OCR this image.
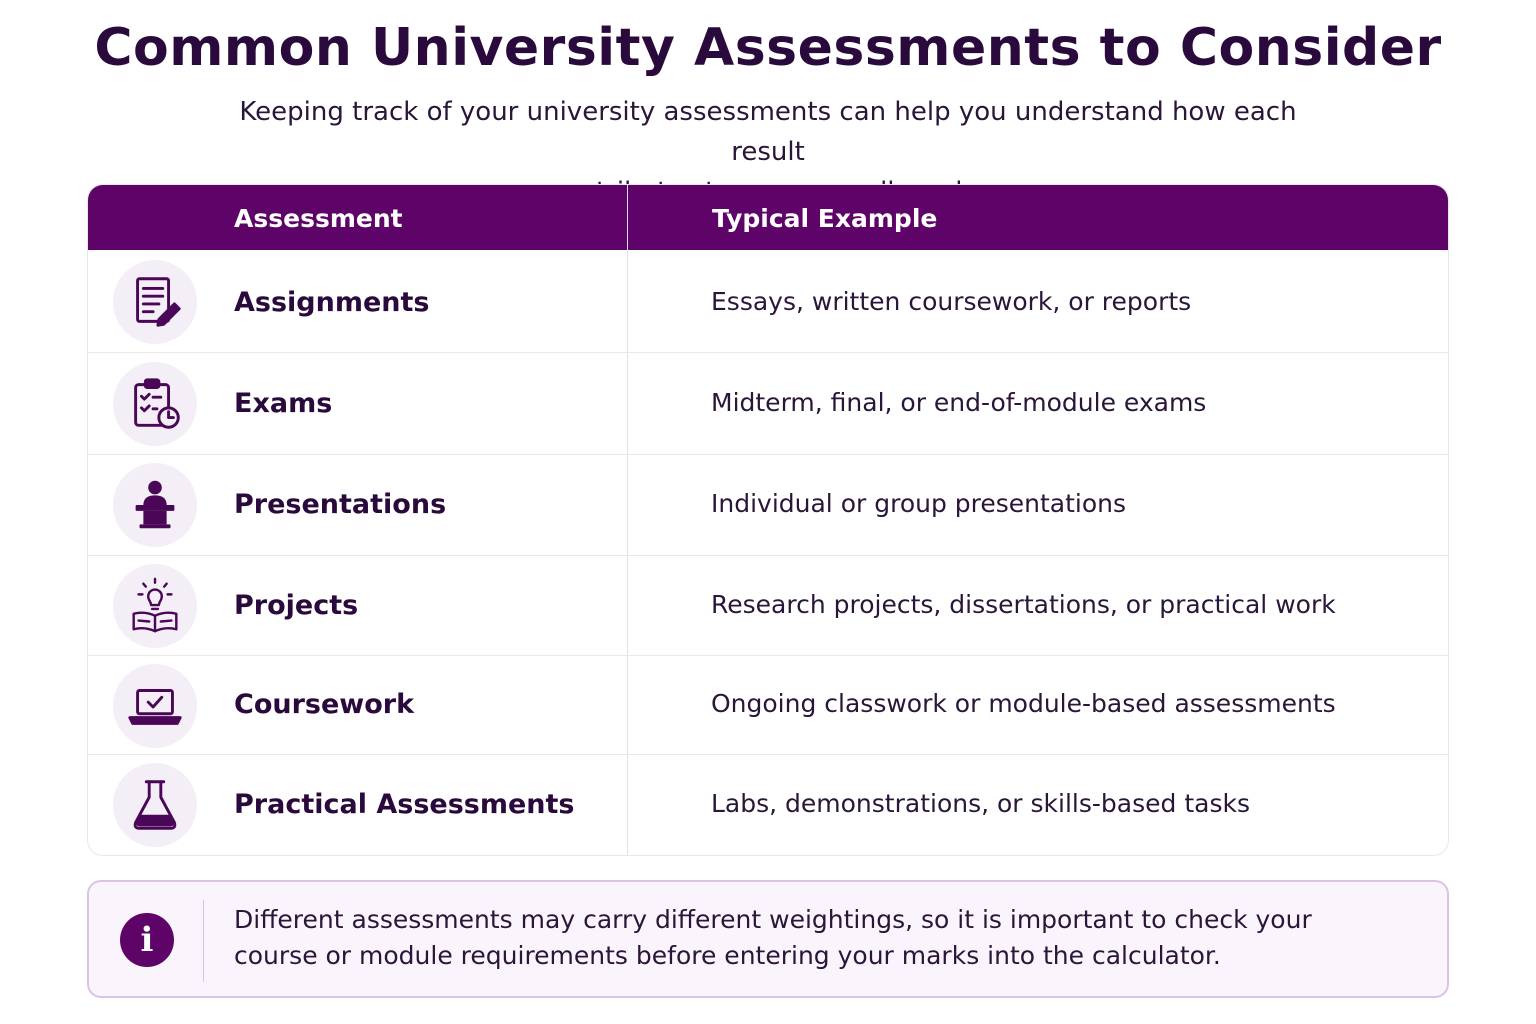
Common University Assessments to Consider
Keeping track of your university assessments can help you understand how each result
Assessment	Typical Example
Assignments	Essays, written coursework, or reports
Exams	Midterm, final, or end-of-module exams
Presentations	Individual or group presentations
Projects	Research projects, dissertations, or practical work
Coursework	Ongoing classwork or module-based assessments
Practical Assessments	Labs, demonstrations, or skills-based tasks
i
Different assessments may carry different weightings, so it is important to check your
course or module requirements before entering your marks into the calculator.
